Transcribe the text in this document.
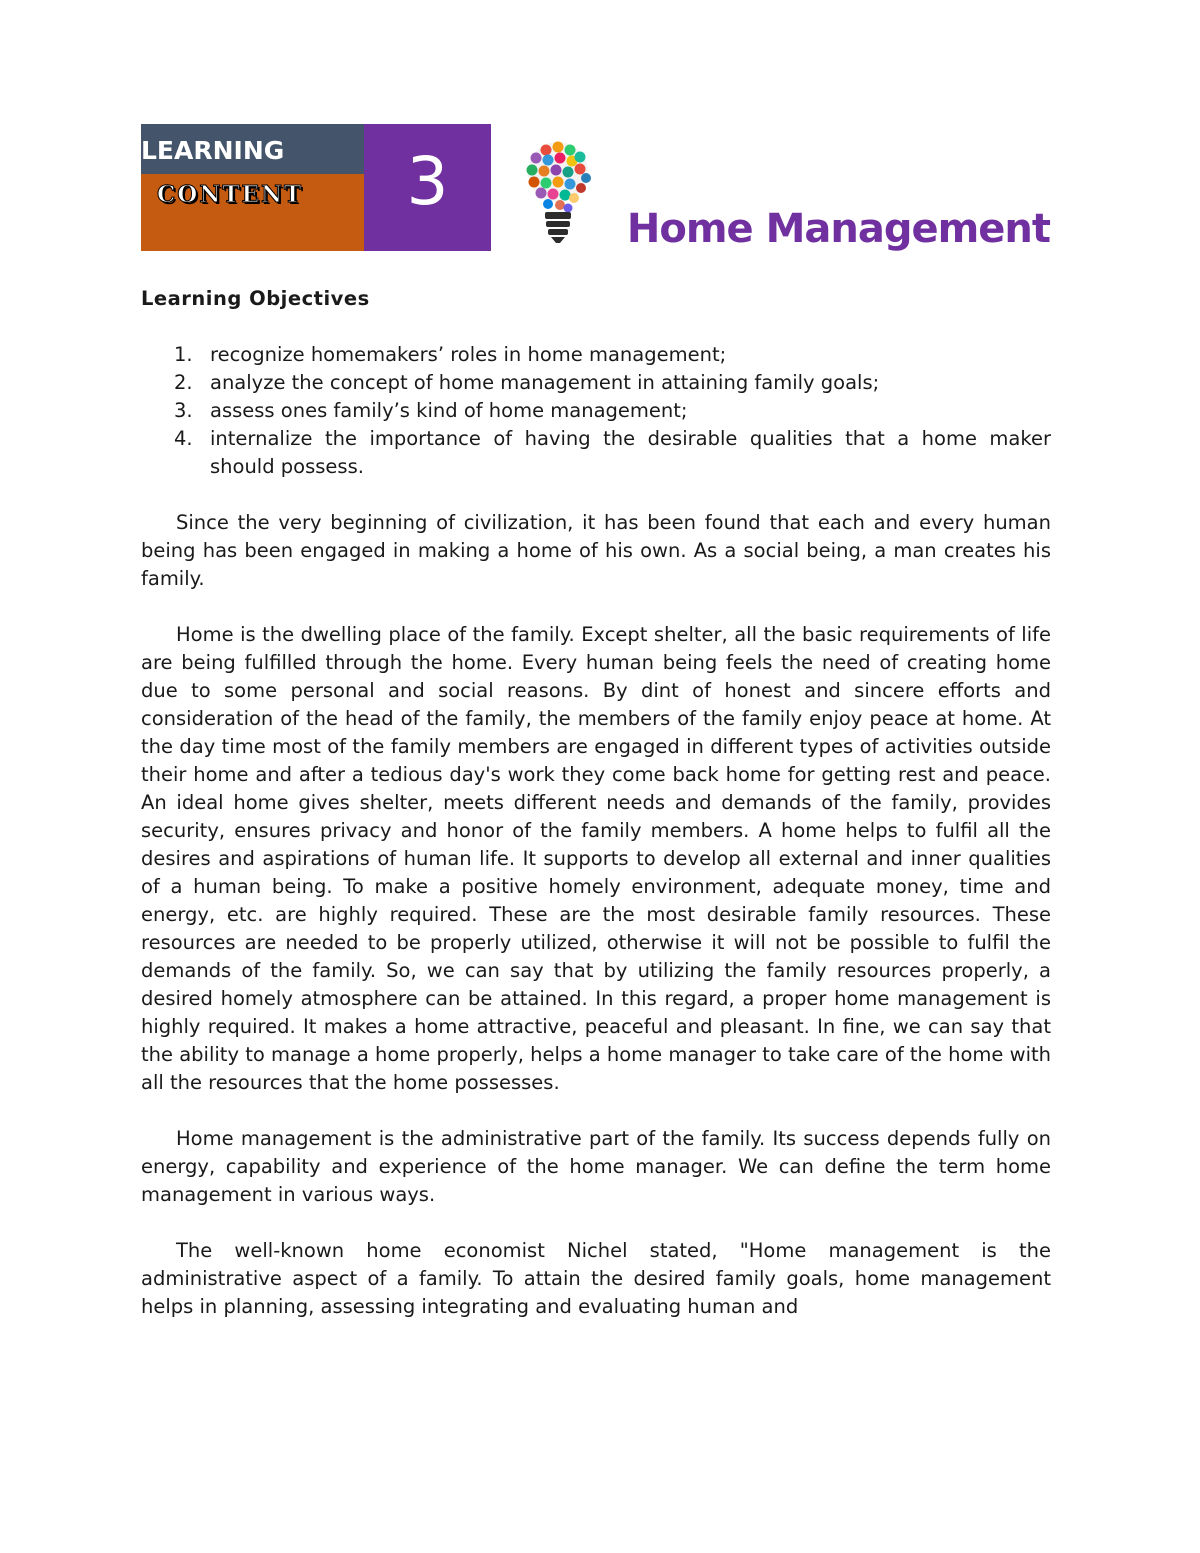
LEARNING
CONTENT	3
Home Management

Learning Objectives

1. recognize homemakers’ roles in home management;
2. analyze the concept of home management in attaining family goals;
3. assess ones family’s kind of home management;
4. internalize the importance of having the desirable qualities that a home maker should possess.

Since the very beginning of civilization, it has been found that each and every human being has been engaged in making a home of his own. As a social being, a man creates his family.

Home is the dwelling place of the family. Except shelter, all the basic requirements of life are being fulfilled through the home. Every human being feels the need of creating home due to some personal and social reasons. By dint of honest and sincere efforts and consideration of the head of the family, the members of the family enjoy peace at home. At the day time most of the family members are engaged in different types of activities outside their home and after a tedious day's work they come back home for getting rest and peace. An ideal home gives shelter, meets different needs and demands of the family, provides security, ensures privacy and honor of the family members. A home helps to fulfil all the desires and aspirations of human life. It supports to develop all external and inner qualities of a human being. To make a positive homely environment, adequate money, time and energy, etc. are highly required. These are the most desirable family resources. These resources are needed to be properly utilized, otherwise it will not be possible to fulfil the demands of the family. So, we can say that by utilizing the family resources properly, a desired homely atmosphere can be attained. In this regard, a proper home management is highly required. It makes a home attractive, peaceful and pleasant. In fine, we can say that the ability to manage a home properly, helps a home manager to take care of the home with all the resources that the home possesses.

Home management is the administrative part of the family. Its success depends fully on energy, capability and experience of the home manager. We can define the term home management in various ways.

The well-known home economist Nichel stated, "Home management is the administrative aspect of a family. To attain the desired family goals, home management helps in planning, assessing integrating and evaluating human and
